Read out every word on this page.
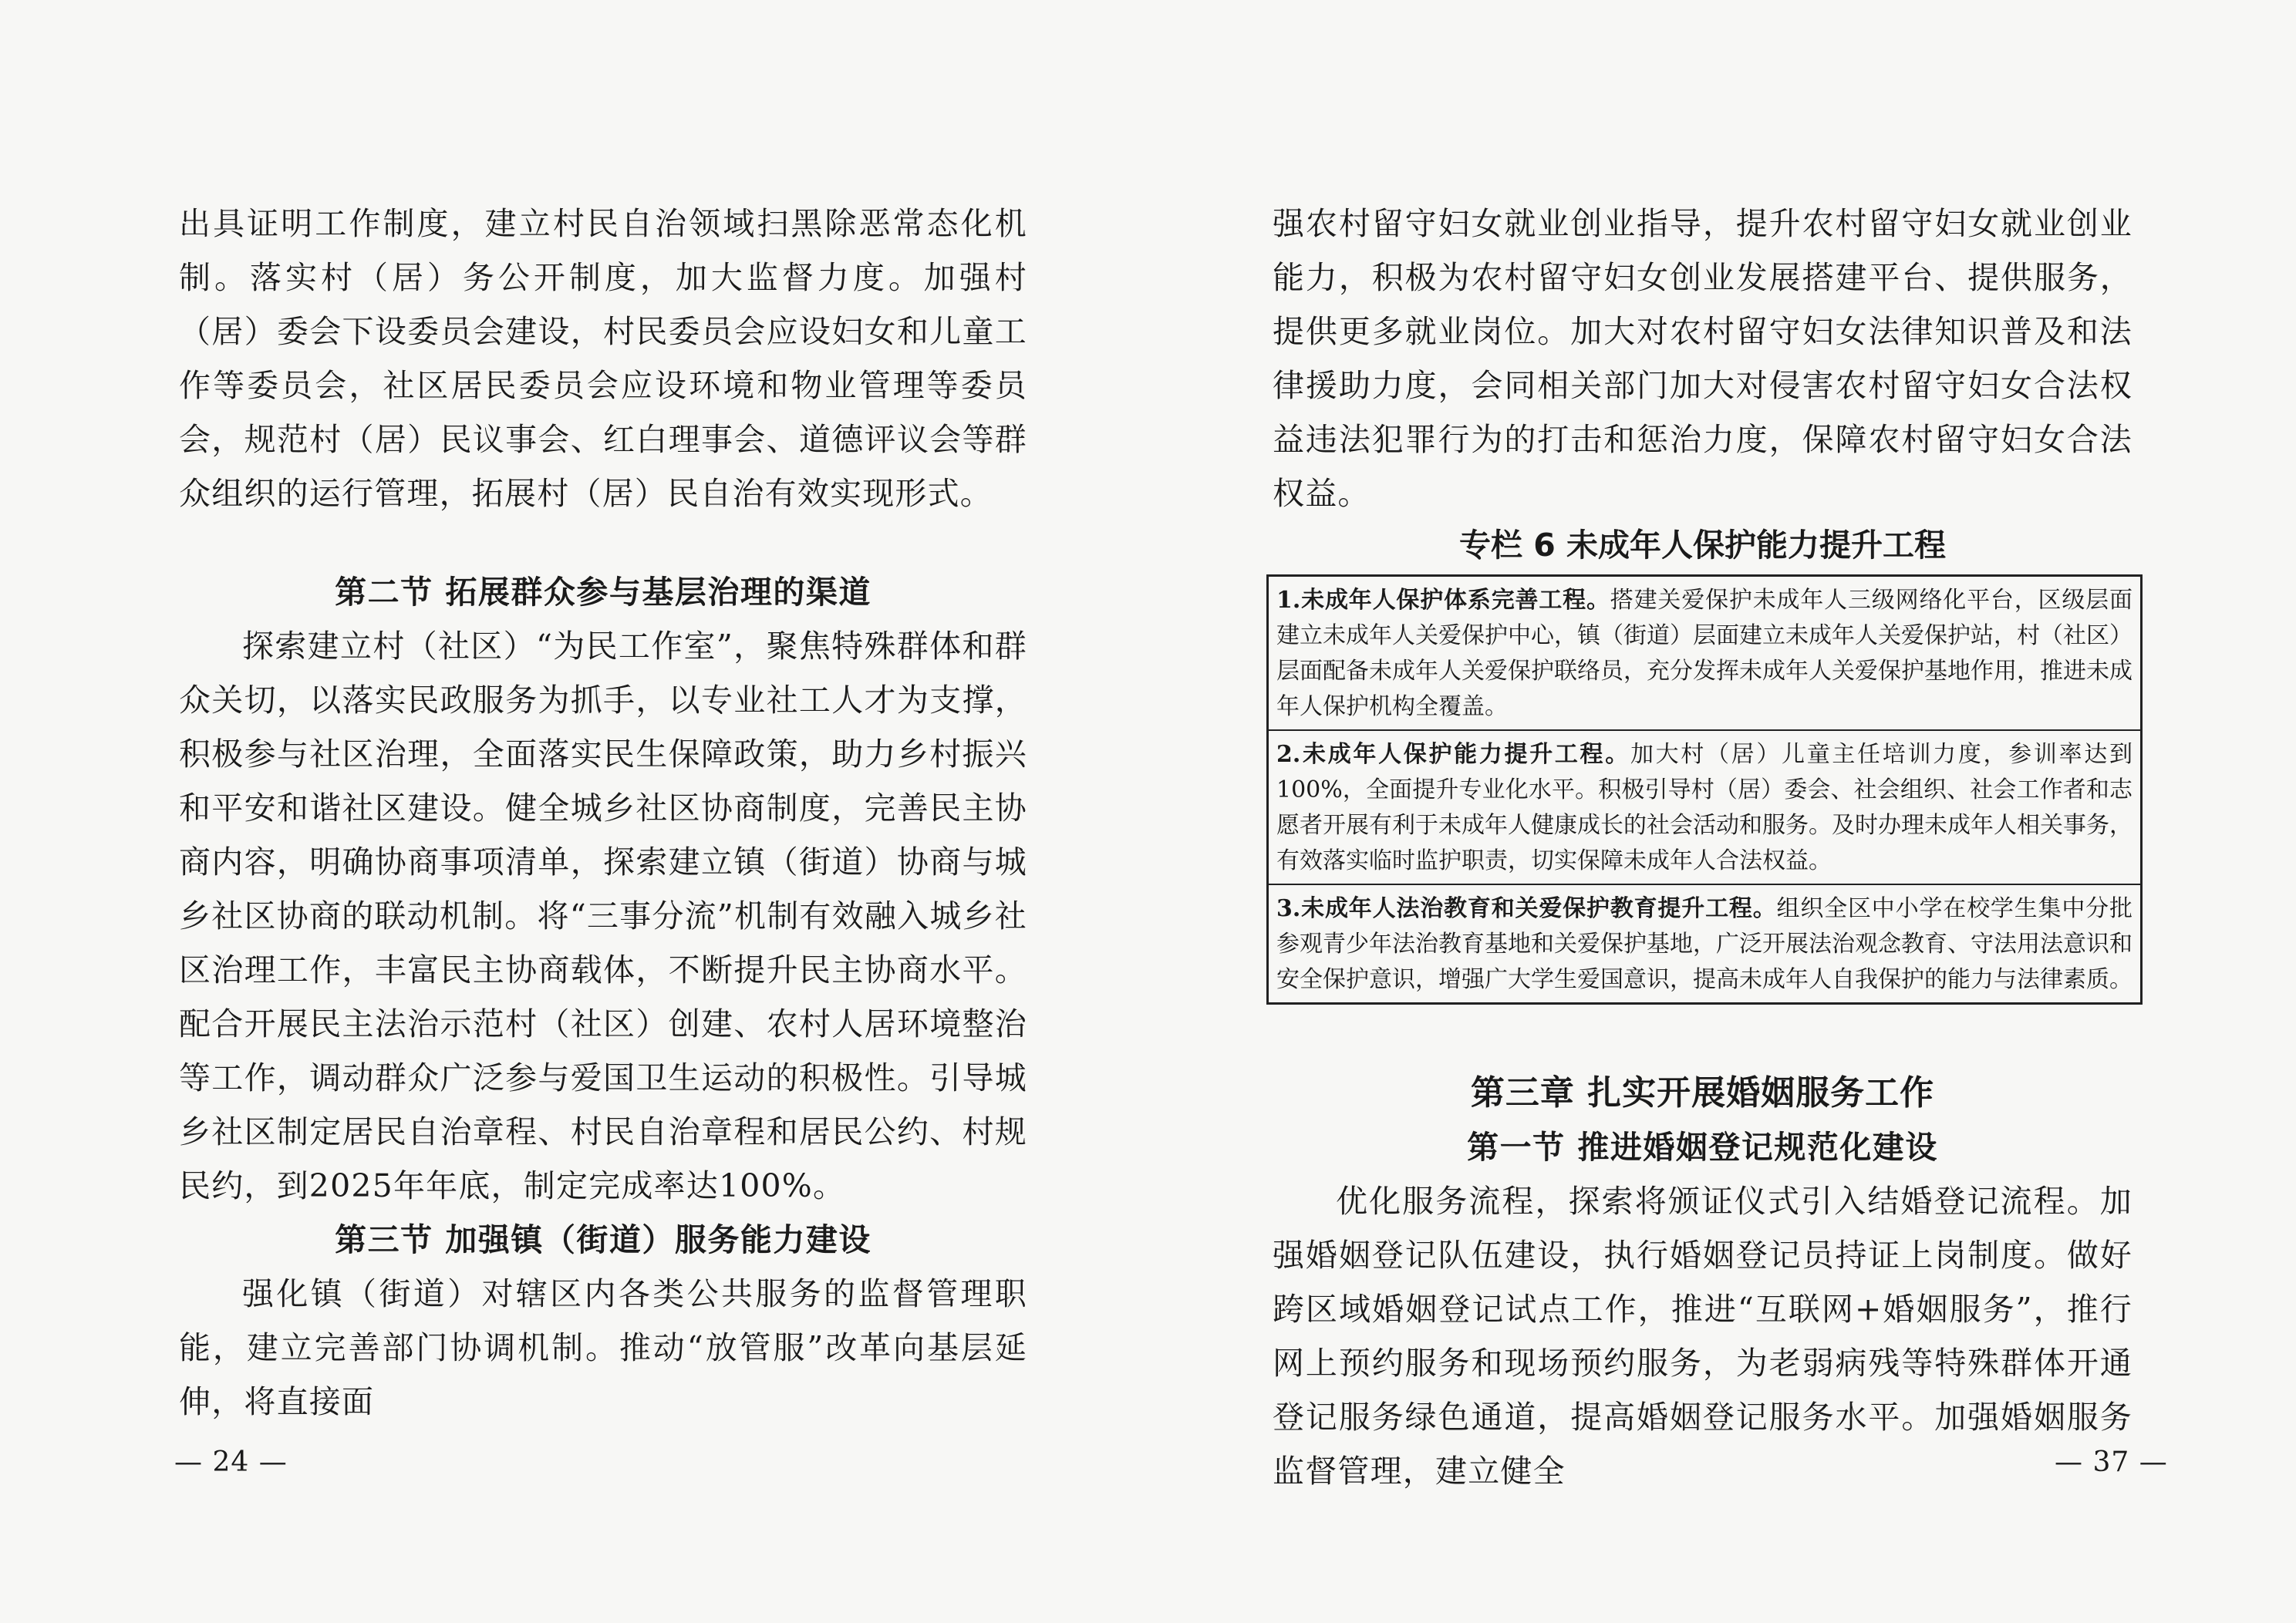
出具证明工作制度，建立村民自治领域扫黑除恶常态化机制。落实村（居）务公开制度，加大监督力度。加强村（居）委会下设委员会建设，村民委员会应设妇女和儿童工作等委员会，社区居民委员会应设环境和物业管理等委员会，规范村（居）民议事会、红白理事会、道德评议会等群众组织的运行管理，拓展村（居）民自治有效实现形式。

第二节 拓展群众参与基层治理的渠道

探索建立村（社区）“为民工作室”，聚焦特殊群体和群众关切，以落实民政服务为抓手，以专业社工人才为支撑，积极参与社区治理，全面落实民生保障政策，助力乡村振兴和平安和谐社区建设。健全城乡社区协商制度，完善民主协商内容，明确协商事项清单，探索建立镇（街道）协商与城乡社区协商的联动机制。将“三事分流”机制有效融入城乡社区治理工作，丰富民主协商载体，不断提升民主协商水平。配合开展民主法治示范村（社区）创建、农村人居环境整治等工作，调动群众广泛参与爱国卫生运动的积极性。引导城乡社区制定居民自治章程、村民自治章程和居民公约、村规民约，到2025年年底，制定完成率达100%。

第三节 加强镇（街道）服务能力建设

强化镇（街道）对辖区内各类公共服务的监督管理职能，建立完善部门协调机制。推动“放管服”改革向基层延伸，将直接面

— 24 —

强农村留守妇女就业创业指导，提升农村留守妇女就业创业能力，积极为农村留守妇女创业发展搭建平台、提供服务，提供更多就业岗位。加大对农村留守妇女法律知识普及和法律援助力度，会同相关部门加大对侵害农村留守妇女合法权益违法犯罪行为的打击和惩治力度，保障农村留守妇女合法权益。

专栏 6 未成年人保护能力提升工程
1.未成年人保护体系完善工程。搭建关爱保护未成年人三级网络化平台，区级层面建立未成年人关爱保护中心，镇（街道）层面建立未成年人关爱保护站，村（社区）层面配备未成年人关爱保护联络员，充分发挥未成年人关爱保护基地作用，推进未成年人保护机构全覆盖。
2.未成年人保护能力提升工程。加大村（居）儿童主任培训力度，参训率达到100%，全面提升专业化水平。积极引导村（居）委会、社会组织、社会工作者和志愿者开展有利于未成年人健康成长的社会活动和服务。及时办理未成年人相关事务，有效落实临时监护职责，切实保障未成年人合法权益。
3.未成年人法治教育和关爱保护教育提升工程。组织全区中小学在校学生集中分批参观青少年法治教育基地和关爱保护基地，广泛开展法治观念教育、守法用法意识和安全保护意识，增强广大学生爱国意识，提高未成年人自我保护的能力与法律素质。
第三章 扎实开展婚姻服务工作
第一节 推进婚姻登记规范化建设

优化服务流程，探索将颁证仪式引入结婚登记流程。加强婚姻登记队伍建设，执行婚姻登记员持证上岗制度。做好跨区域婚姻登记试点工作，推进“互联网+婚姻服务”，推行网上预约服务和现场预约服务，为老弱病残等特殊群体开通登记服务绿色通道，提高婚姻登记服务水平。加强婚姻服务监督管理，建立健全	— 37 —
